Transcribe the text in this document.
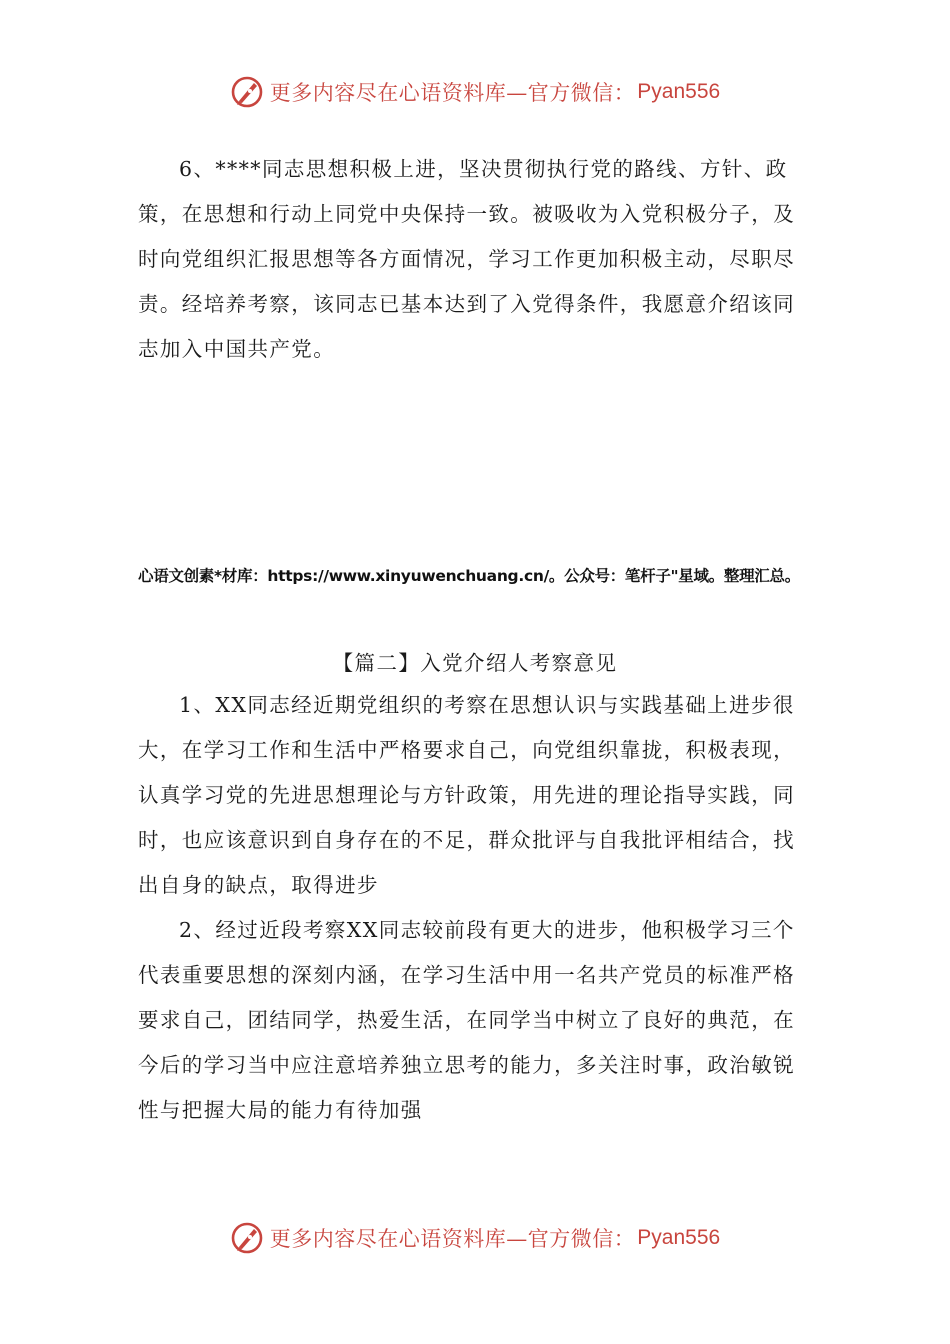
更多内容尽在心语资料库—官方微信： Pyan556
6、****同志思想积极上进，坚决贯彻执行党的路线、方针、政
策，在思想和行动上同党中央保持一致。被吸收为入党积极分子，及
时向党组织汇报思想等各方面情况，学习工作更加积极主动，尽职尽
责。经培养考察，该同志已基本达到了入党得条件，我愿意介绍该同
志加入中国共产党。
心语文创素*材库：https://www.xinyuwenchuang.cn/。公众号：笔杆子"星域。整理汇总。
【篇二】入党介绍人考察意见
1、XX同志经近期党组织的考察在思想认识与实践基础上进步很
大，在学习工作和生活中严格要求自己，向党组织靠拢，积极表现，
认真学习党的先进思想理论与方针政策，用先进的理论指导实践，同
时，也应该意识到自身存在的不足，群众批评与自我批评相结合，找
出自身的缺点，取得进步
2、经过近段考察XX同志较前段有更大的进步，他积极学习三个
代表重要思想的深刻内涵，在学习生活中用一名共产党员的标准严格
要求自己，团结同学，热爱生活，在同学当中树立了良好的典范，在
今后的学习当中应注意培养独立思考的能力，多关注时事，政治敏锐
性与把握大局的能力有待加强
更多内容尽在心语资料库—官方微信： Pyan556
